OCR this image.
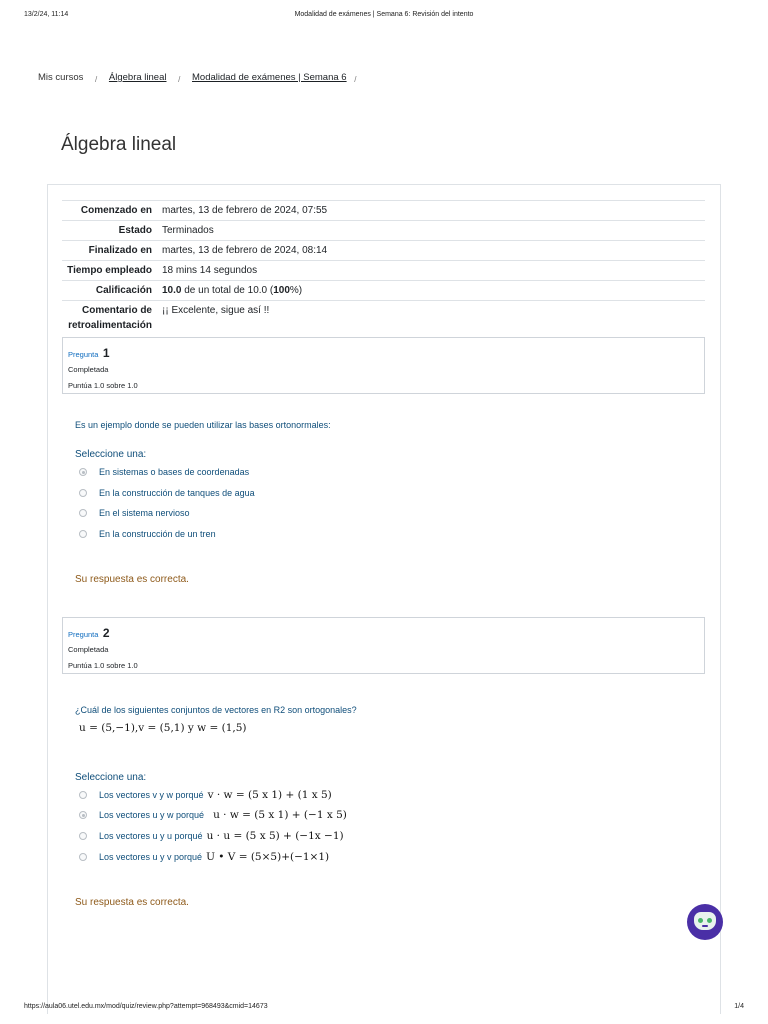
13/2/24, 11:14	Modalidad de exámenes | Semana 6: Revisión del intento
Mis cursos / Álgebra lineal / Modalidad de exámenes | Semana 6 /
Álgebra lineal
Comenzado en	martes, 13 de febrero de 2024, 07:55
Estado	Terminados
Finalizado en	martes, 13 de febrero de 2024, 08:14
Tiempo empleado	18 mins 14 segundos
Calificación	10.0 de un total de 10.0 (100%)
Comentario de retroalimentación	¡¡ Excelente, sigue así !!
Pregunta 1
Completada
Puntúa 1.0 sobre 1.0
Es un ejemplo donde se pueden utilizar las bases ortonormales:
Seleccione una:
En sistemas o bases de coordenadas
En la construcción de tanques de agua
En el sistema nervioso
En la construcción de un tren
Su respuesta es correcta.
Pregunta 2
Completada
Puntúa 1.0 sobre 1.0
¿Cuál de los siguientes conjuntos de vectores en R2 son ortogonales?
u = (5,−1),v = (5,1) y w = (1,5)
Seleccione una:
Los vectores v y w porqué v · w = (5 x 1) + (1 x 5)
Los vectores u y w porqué u · w = (5 x 1) + (−1 x 5)
Los vectores u y u porqué u · u = (5 x 5) + (−1x −1)
Los vectores u y v porqué U • V = (5×5)+(−1×1)
Su respuesta es correcta.
https://aula06.utel.edu.mx/mod/quiz/review.php?attempt=968493&cmid=14673	1/4
